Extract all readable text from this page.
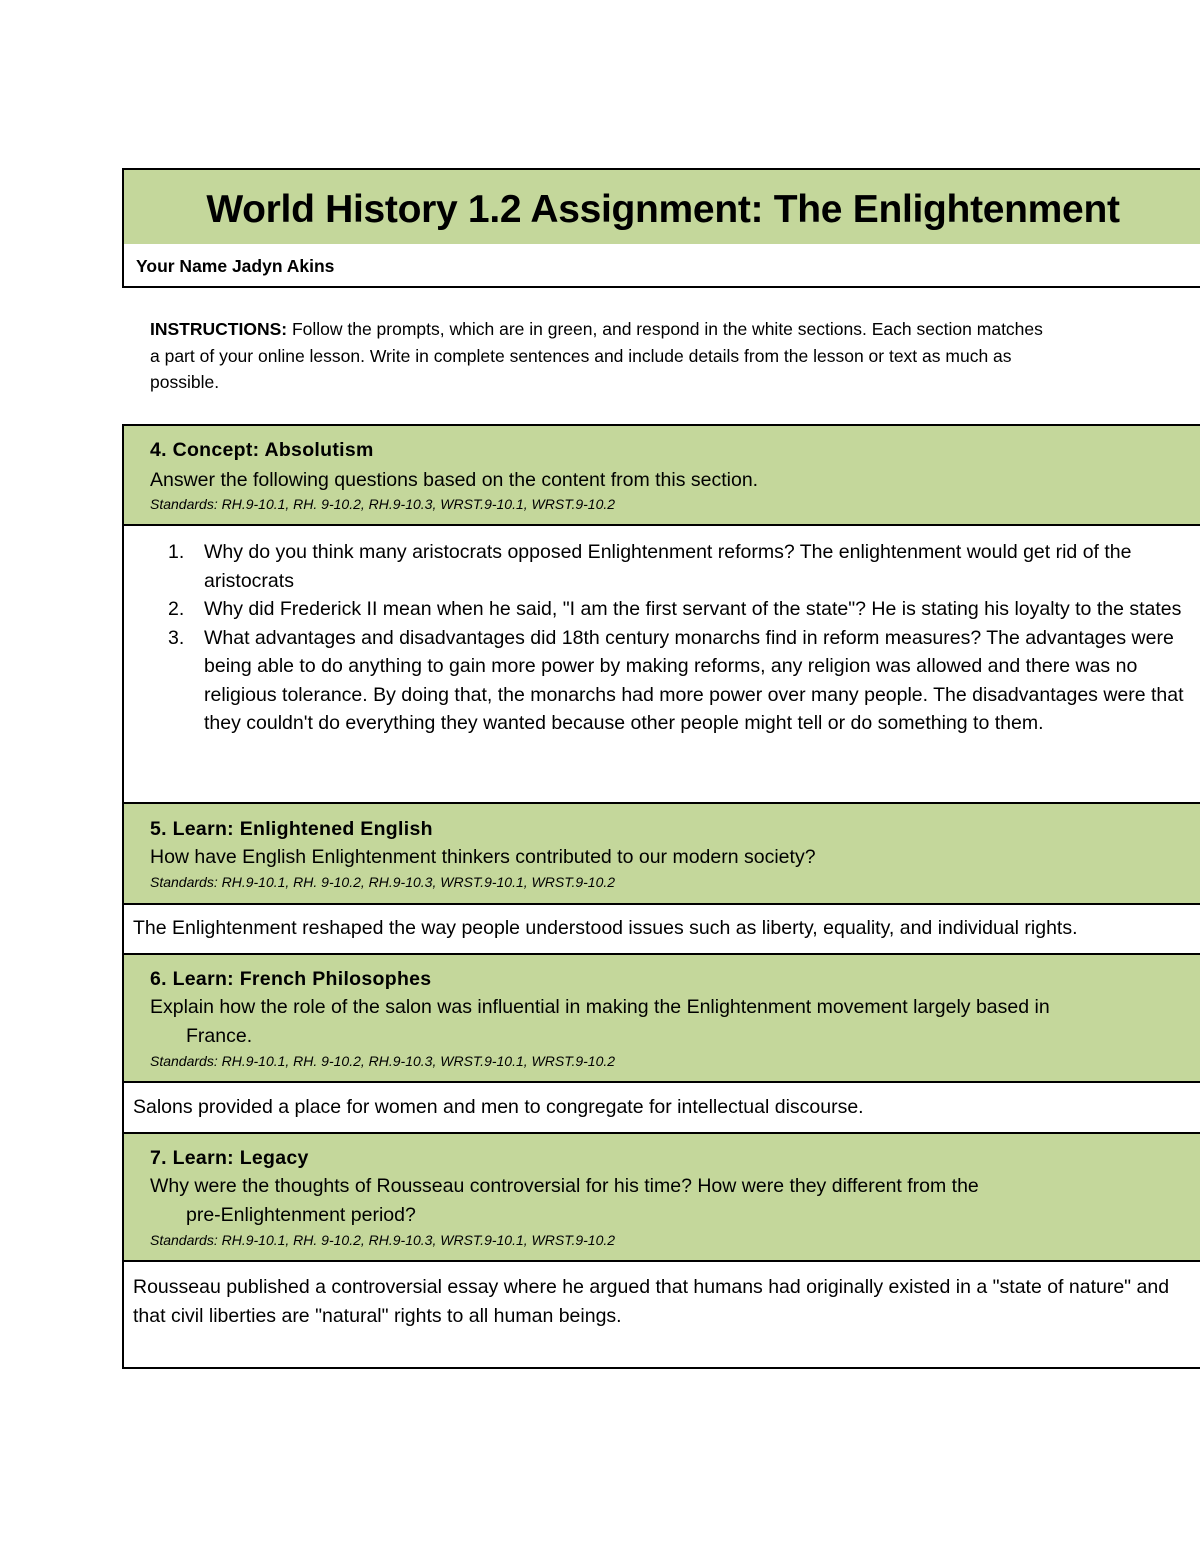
World History 1.2 Assignment: The Enlightenment
Your Name Jadyn Akins
INSTRUCTIONS: Follow the prompts, which are in green, and respond in the white sections. Each section matches a part of your online lesson. Write in complete sentences and include details from the lesson or text as much as possible.
4. Concept: Absolutism
Answer the following questions based on the content from this section.
Standards: RH.9-10.1, RH. 9-10.2, RH.9-10.3, WRST.9-10.1, WRST.9-10.2
1. Why do you think many aristocrats opposed Enlightenment reforms? The enlightenment would get rid of the aristocrats
2. Why did Frederick II mean when he said, "I am the first servant of the state"? He is stating his loyalty to the states
3. What advantages and disadvantages did 18th century monarchs find in reform measures? The advantages were being able to do anything to gain more power by making reforms, any religion was allowed and there was no religious tolerance. By doing that, the monarchs had more power over many people. The disadvantages were that they couldn't do everything they wanted because other people might tell or do something to them.
5. Learn: Enlightened English
How have English Enlightenment thinkers contributed to our modern society?
Standards: RH.9-10.1, RH. 9-10.2, RH.9-10.3, WRST.9-10.1, WRST.9-10.2
The Enlightenment reshaped the way people understood issues such as liberty, equality, and individual rights.
6. Learn: French Philosophes
Explain how the role of the salon was influential in making the Enlightenment movement largely based in
France.
Standards: RH.9-10.1, RH. 9-10.2, RH.9-10.3, WRST.9-10.1, WRST.9-10.2
Salons provided a place for women and men to congregate for intellectual discourse.
7. Learn: Legacy
Why were the thoughts of Rousseau controversial for his time? How were they different from the
pre-Enlightenment period?
Standards: RH.9-10.1, RH. 9-10.2, RH.9-10.3, WRST.9-10.1, WRST.9-10.2
Rousseau published a controversial essay where he argued that humans had originally existed in a "state of nature" and that civil liberties are "natural" rights to all human beings.
